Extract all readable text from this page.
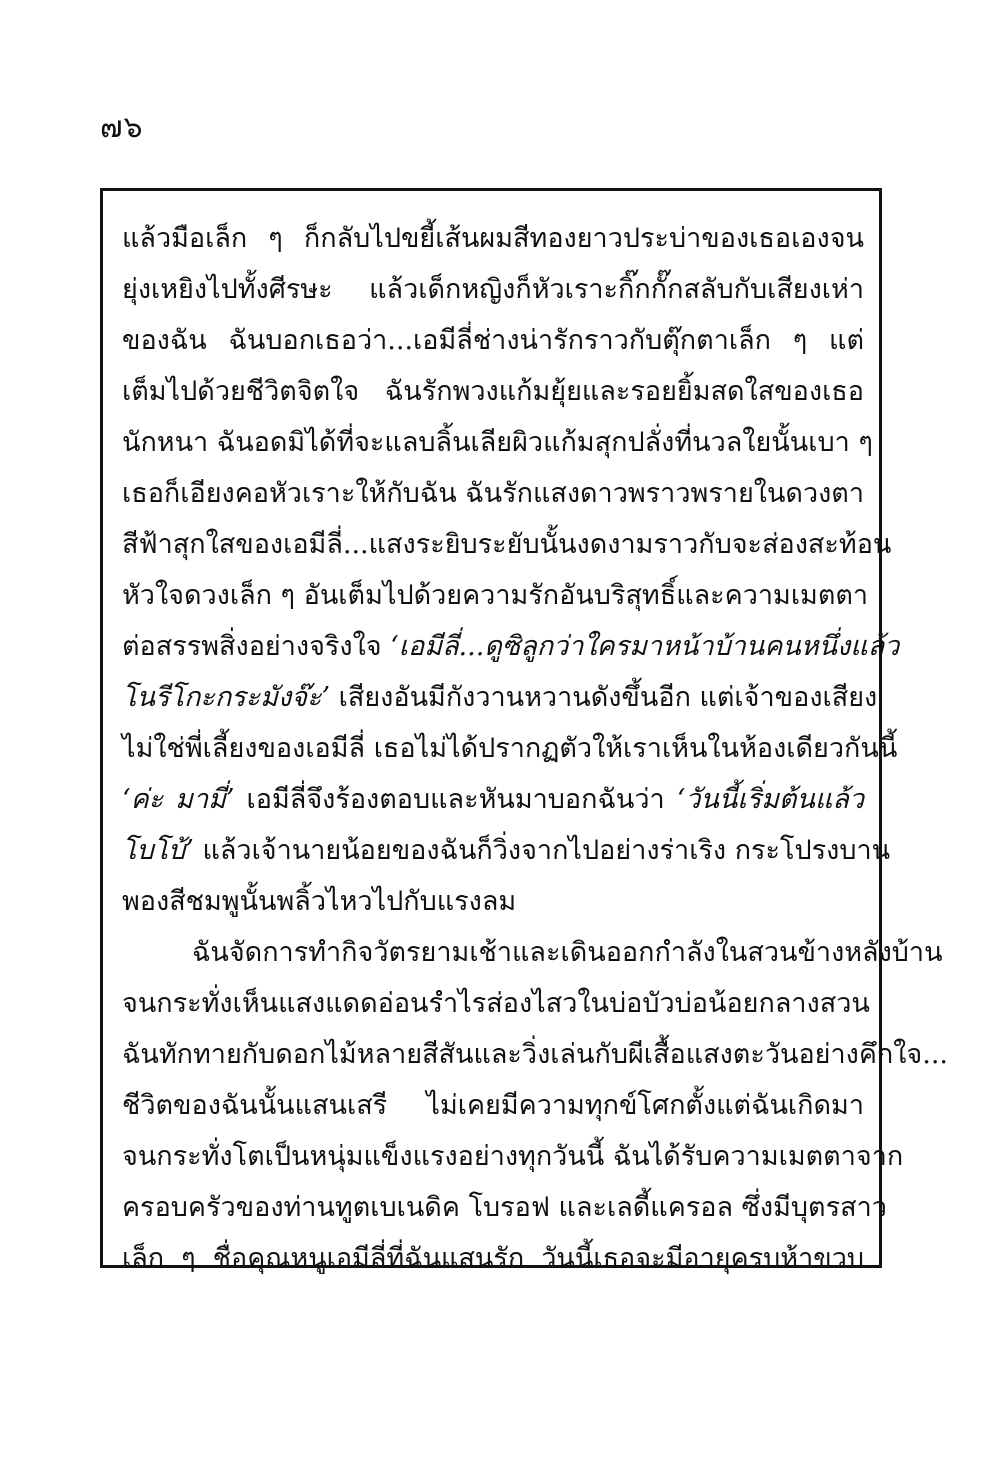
๗๖
แล้วมือเล็ก ๆ ก็กลับไปขยี้เส้นผมสีทองยาวประบ่าของเธอเองจน
ยุ่งเหยิงไปทั้งศีรษะ แล้วเด็กหญิงก็หัวเราะกิ๊กกั๊กสลับกับเสียงเห่า
ของฉัน ฉันบอกเธอว่า...เอมีลี่ช่างน่ารักราวกับตุ๊กตาเล็ก ๆ แต่
เต็มไปด้วยชีวิตจิตใจ ฉันรักพวงแก้มยุ้ยและรอยยิ้มสดใสของเธอ
นักหนา ฉันอดมิได้ที่จะแลบลิ้นเลียผิวแก้มสุกปลั่งที่นวลใยนั้นเบา ๆ
เธอก็เอียงคอหัวเราะให้กับฉัน ฉันรักแสงดาวพราวพรายในดวงตา
สีฟ้าสุกใสของเอมีลี่...แสงระยิบระยับนั้นงดงามราวกับจะส่องสะท้อน
หัวใจดวงเล็ก ๆ อันเต็มไปด้วยความรักอันบริสุทธิ์และความเมตตา
ต่อสรรพสิ่งอย่างจริงใจ ‘เอมีลี่...ดูซิลูกว่าใครมาหน้าบ้านคนหนึ่งแล้ว
โนรีโกะกระมังจ๊ะ’ เสียงอันมีกังวานหวานดังขึ้นอีก แต่เจ้าของเสียง
ไม่ใช่พี่เลี้ยงของเอมีลี่ เธอไม่ได้ปรากฏตัวให้เราเห็นในห้องเดียวกันนี้
‘ค่ะ มามี่’ เอมีลี่จึงร้องตอบและหันมาบอกฉันว่า ‘วันนี้เริ่มต้นแล้ว
โบโบ้’ แล้วเจ้านายน้อยของฉันก็วิ่งจากไปอย่างร่าเริง กระโปรงบาน
พองสีชมพูนั้นพลิ้วไหวไปกับแรงลม
ฉันจัดการทำกิจวัตรยามเช้าและเดินออกกำลังในสวนข้างหลังบ้าน
จนกระทั่งเห็นแสงแดดอ่อนรำไรส่องไสวในบ่อบัวบ่อน้อยกลางสวน
ฉันทักทายกับดอกไม้หลายสีสันและวิ่งเล่นกับผีเสื้อแสงตะวันอย่างคึกใจ...
ชีวิตของฉันนั้นแสนเสรี ไม่เคยมีความทุกข์โศกตั้งแต่ฉันเกิดมา
จนกระทั่งโตเป็นหนุ่มแข็งแรงอย่างทุกวันนี้ ฉันได้รับความเมตตาจาก
ครอบครัวของท่านทูตเบเนดิค โบรอฟ และเลดี้แครอล ซึ่งมีบุตรสาว
เล็ก ๆ ชื่อคุณหนูเอมีลี่ที่ฉันแสนรัก วันนี้เธอจะมีอายุครบห้าขวบ
